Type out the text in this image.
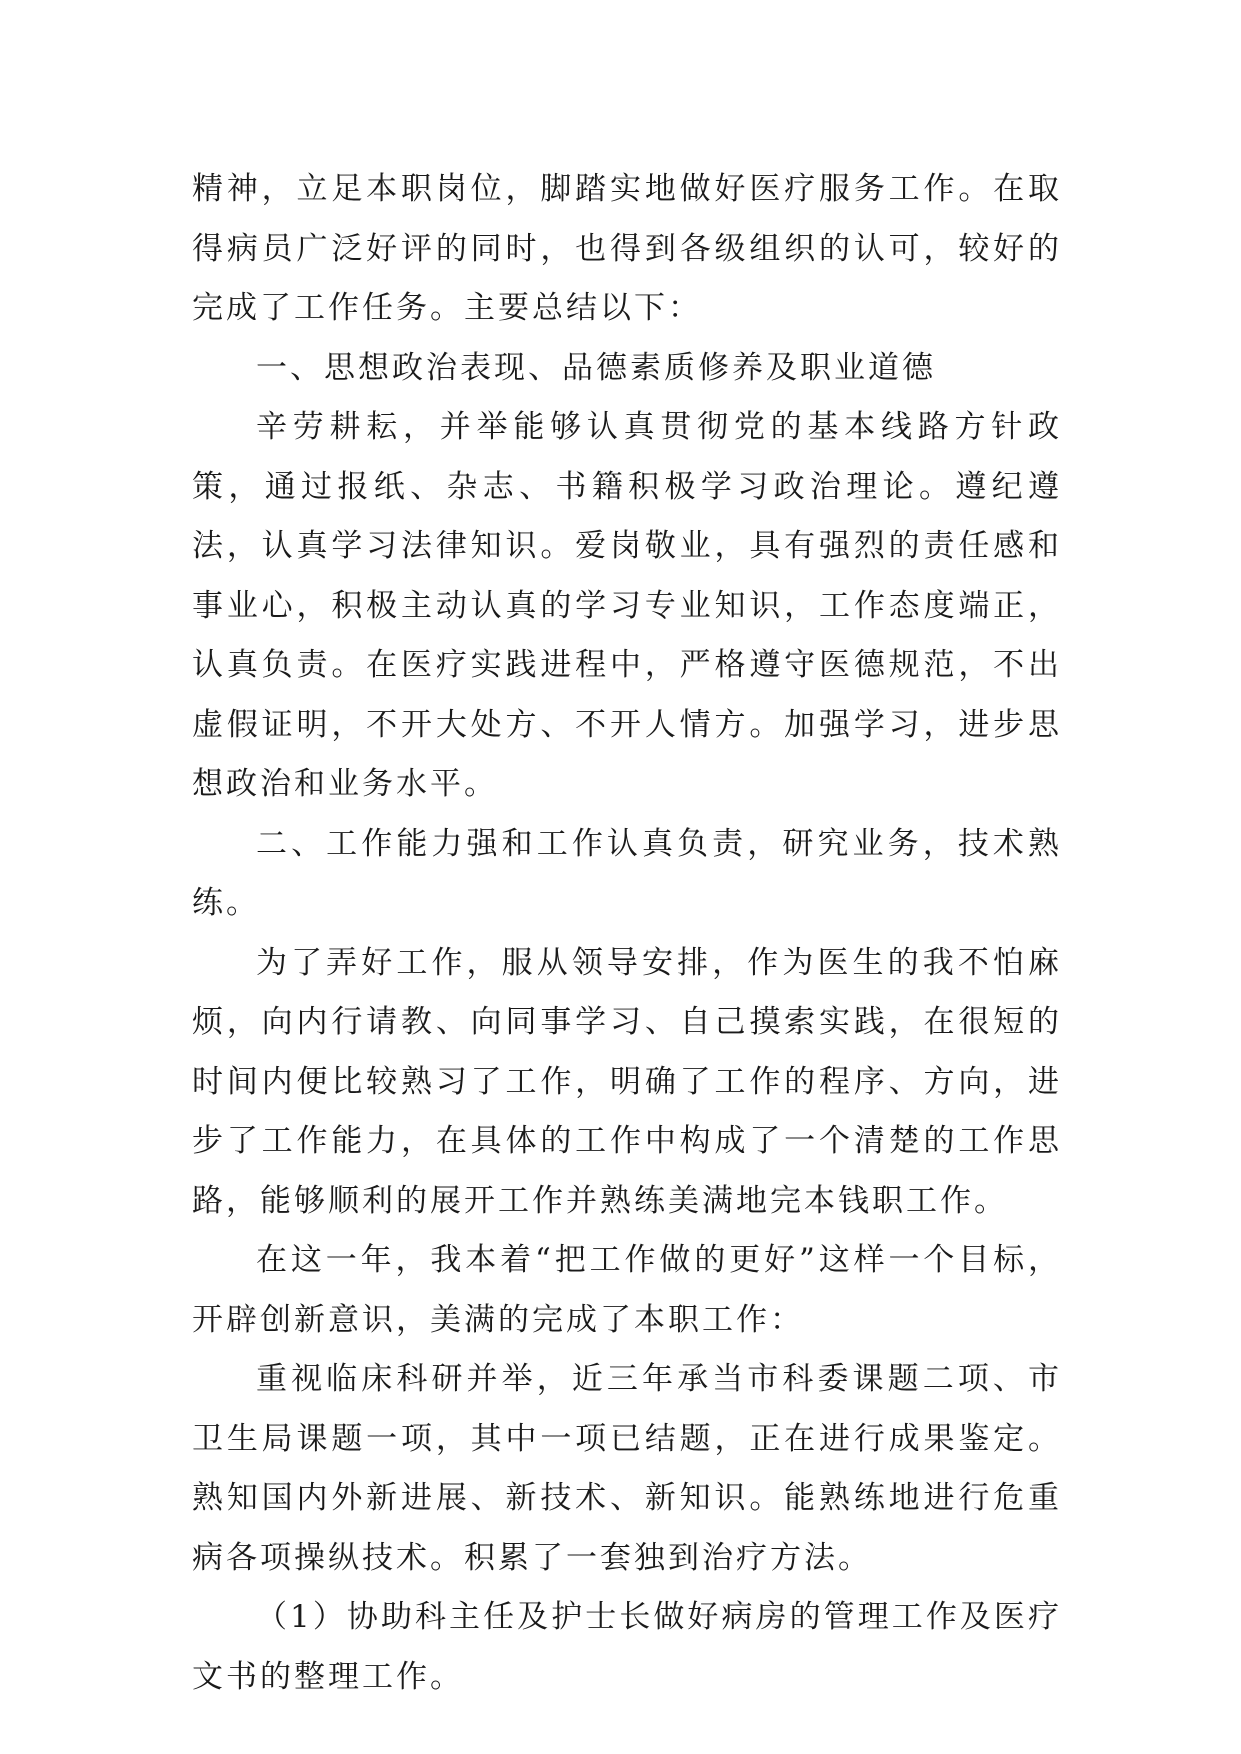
精神，立足本职岗位，脚踏实地做好医疗服务工作。在取得病员广泛好评的同时，也得到各级组织的认可，较好的完成了工作任务。主要总结以下：

一、思想政治表现、品德素质修养及职业道德

辛劳耕耘，并举能够认真贯彻党的基本线路方针政策，通过报纸、杂志、书籍积极学习政治理论。遵纪遵法，认真学习法律知识。爱岗敬业，具有强烈的责任感和事业心，积极主动认真的学习专业知识，工作态度端正，认真负责。在医疗实践进程中，严格遵守医德规范，不出虚假证明，不开大处方、不开人情方。加强学习，进步思想政治和业务水平。

二、工作能力强和工作认真负责，研究业务，技术熟练。

为了弄好工作，服从领导安排，作为医生的我不怕麻烦，向内行请教、向同事学习、自己摸索实践，在很短的时间内便比较熟习了工作，明确了工作的程序、方向，进步了工作能力，在具体的工作中构成了一个清楚的工作思路，能够顺利的展开工作并熟练美满地完本钱职工作。

在这一年，我本着“把工作做的更好”这样一个目标，开辟创新意识，美满的完成了本职工作：

重视临床科研并举，近三年承当市科委课题二项、市卫生局课题一项，其中一项已结题，正在进行成果鉴定。熟知国内外新进展、新技术、新知识。能熟练地进行危重病各项操纵技术。积累了一套独到治疗方法。

（1）协助科主任及护士长做好病房的管理工作及医疗文书的整理工作。
